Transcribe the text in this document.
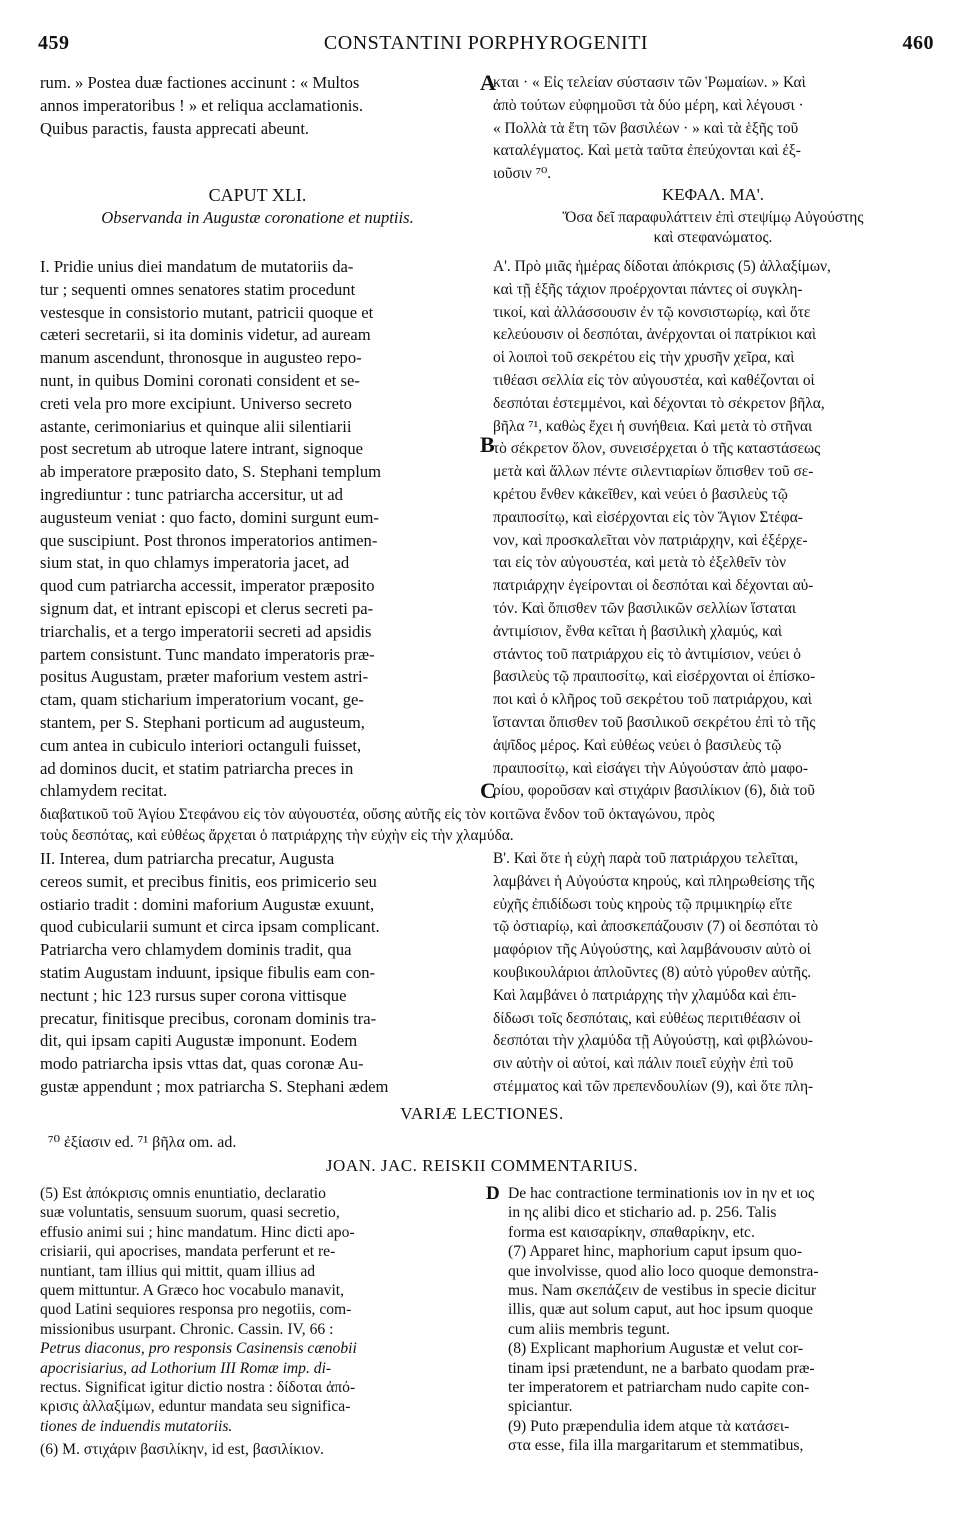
459	CONSTANTINI PORPHYROGENITI	460
rum. » Postea duæ factiones accinunt : « Multos
annos imperatoribus ! » et reliqua acclamationis.
Quibus paractis, fausta apprecati abeunt.
κται · « Εἰς τελείαν σύστασιν τῶν Ῥωμαίων. » Καὶ
ἀπὸ τούτων εὐφημοῦσι τὰ δύο μέρη, καὶ λέγουσι ·
« Πολλὰ τὰ ἔτη τῶν βασιλέων · » καὶ τὰ ἑξῆς τοῦ
καταλέγματος. Καὶ μετὰ ταῦτα ἐπεύχονται καὶ ἐξ-
ιοῦσιν ⁷⁰.
A
CAPUT XLI.
Observanda in Augustæ coronatione et nuptiis.
ΚΕΦΑΛ. ΜΑ'.
Ὅσα δεῖ παραφυλάττειν ἐπὶ στεψίμῳ Αὐγούστης
καὶ στεφανώματος.
I. Pridie unius diei mandatum de mutatoriis da-
tur ; sequenti omnes senatores statim procedunt
vestesque in consistorio mutant, patricii quoque et
cæteri secretarii, si ita dominis videtur, ad auream
manum ascendunt, thronosque in augusteo repo-
nunt, in quibus Domini coronati consident et se-
creti vela pro more excipiunt. Universo secreto
astante, cerimoniarius et quinque alii silentiarii
post secretum ab utroque latere intrant, signoque
ab imperatore præposito dato, S. Stephani templum
ingrediuntur : tunc patriarcha accersitur, ut ad
augusteum veniat : quo facto, domini surgunt eum-
que suscipiunt. Post thronos imperatorios antimen-
sium stat, in quo chlamys imperatoria jacet, ad
quod cum patriarcha accessit, imperator præposito
signum dat, et intrant episcopi et clerus secreti pa-
triarchalis, et a tergo imperatorii secreti ad apsidis
partem consistunt. Tunc mandato imperatoris præ-
positus Augustam, præter maforium vestem astri-
ctam, quam sticharium imperatorium vocant, ge-
stantem, per S. Stephani porticum ad augusteum,
cum antea in cubiculo interiori octanguli fuisset,
ad dominos ducit, et statim patriarcha preces in
chlamydem recitat.
Α'. Πρὸ μιᾶς ἡμέρας δίδοται ἀπόκρισις (5) ἀλλαξίμων,
καὶ τῇ ἑξῆς τάχιον προέρχονται πάντες οἱ συγκλη-
τικοί, καὶ ἀλλάσσουσιν ἐν τῷ κονσιστωρίῳ, καὶ ὅτε
κελεύουσιν οἱ δεσπόται, ἀνέρχονται οἱ πατρίκιοι καὶ
οἱ λοιποὶ τοῦ σεκρέτου εἰς τὴν χρυσῆν χεῖρα, καὶ
τιθέασι σελλία εἰς τὸν αὐγουστέα, καὶ καθέζονται οἱ
δεσπόται ἐστεμμένοι, καὶ δέχονται τὸ σέκρετον βῆλα,
βῆλα ⁷¹, καθὼς ἔχει ἡ συνήθεια. Καὶ μετὰ τὸ στῆναι
τὸ σέκρετον ὅλον, συνεισέρχεται ὁ τῆς καταστάσεως
μετὰ καὶ ἄλλων πέντε σιλεντιαρίων ὄπισθεν τοῦ σε-
κρέτου ἔνθεν κἀκεῖθεν, καὶ νεύει ὁ βασιλεὺς τῷ
πραιποσίτῳ, καὶ εἰσέρχονται εἰς τὸν Ἅγιον Στέφα-
νον, καὶ προσκαλεῖται νὸν πατριάρχην, καὶ ἐξέρχε-
ται εἰς τὸν αὐγουστέα, καὶ μετὰ τὸ ἐξελθεῖν τὸν
πατριάρχην ἐγείρονται οἱ δεσπόται καὶ δέχονται αὐ-
τόν. Καὶ ὄπισθεν τῶν βασιλικῶν σελλίων ἵσταται
ἀντιμίσιον, ἔνθα κεῖται ἡ βασιλικὴ χλαμύς, καὶ
στάντος τοῦ πατριάρχου εἰς τὸ ἀντιμίσιον, νεύει ὁ
βασιλεὺς τῷ πραιποσίτῳ, καὶ εἰσέρχονται οἱ ἐπίσκο-
ποι καὶ ὁ κλῆρος τοῦ σεκρέτου τοῦ πατριάρχου, καὶ
ἵστανται ὄπισθεν τοῦ βασιλικοῦ σεκρέτου ἐπὶ τὸ τῆς
ἀψῖδος μέρος. Καὶ εὐθέως νεύει ὁ βασιλεὺς τῷ
πραιποσίτῳ, καὶ εἰσάγει τὴν Αὐγούσταν ἀπὸ μαφο-
ρίου, φοροῦσαν καὶ στιχάριν βασιλίκιον (6), διὰ τοῦ
B
C
διαβατικοῦ τοῦ Ἁγίου Στεφάνου εἰς τὸν αὐγουστέα, οὔσης αὐτῆς εἰς τὸν κοιτῶνα ἔνδον τοῦ ὀκταγώνου, πρὸς
τοὺς δεσπότας, καὶ εὐθέως ἄρχεται ὁ πατριάρχης τὴν εὐχὴν εἰς τὴν χλαμύδα.
II. Interea, dum patriarcha precatur, Augusta
cereos sumit, et precibus finitis, eos primicerio seu
ostiario tradit : domini maforium Augustæ exuunt,
quod cubicularii sumunt et circa ipsam complicant.
Patriarcha vero chlamydem dominis tradit, qua
statim Augustam induunt, ipsique fibulis eam con-
nectunt ; hic 123 rursus super corona vittisque
precatur, finitisque precibus, coronam dominis tra-
dit, qui ipsam capiti Augustæ imponunt. Eodem
modo patriarcha ipsis vttas dat, quas coronæ Au-
gustæ appendunt ; mox patriarcha S. Stephani ædem
Β'. Καὶ ὅτε ἡ εὐχὴ παρὰ τοῦ πατριάρχου τελεῖται,
λαμβάνει ἡ Αὐγούστα κηρούς, καὶ πληρωθείσης τῆς
εὐχῆς ἐπιδίδωσι τοὺς κηροὺς τῷ πριμικηρίῳ εἴτε
τῷ ὀστιαρίῳ, καὶ ἀποσκεπάζουσιν (7) οἱ δεσπόται τὸ
μαφόριον τῆς Αὐγούστης, καὶ λαμβάνουσιν αὐτὸ οἱ
κουβικουλάριοι ἀπλοῦντες (8) αὐτὸ γύροθεν αὐτῆς.
Καὶ λαμβάνει ὁ πατριάρχης τὴν χλαμύδα καὶ ἐπι-
δίδωσι τοῖς δεσπόταις, καὶ εὐθέως περιτιθέασιν οἱ
δεσπόται τὴν χλαμύδα τῇ Αὐγούστῃ, καὶ φιβλώνου-
σιν αὐτὴν οἱ αὐτοί, καὶ πάλιν ποιεῖ εὐχὴν ἐπὶ τοῦ
στέμματος καὶ τῶν πρεπενδουλίων (9), καὶ ὅτε πλη-
VARIÆ LECTIONES.
⁷⁰ ἐξίασιν ed. ⁷¹ βῆλα om. ad.
JOAN. JAC. REISKII COMMENTARIUS.
(5) Est ἀπόκρισις omnis enuntiatio, declaratio
suæ voluntatis, sensuum suorum, quasi secretio,
effusio animi sui ; hinc mandatum. Hinc dicti apo-
crisiarii, qui apocrises, mandata perferunt et re-
nuntiant, tam illius qui mittit, quam illius ad
quem mittuntur. A Græco hoc vocabulo manavit,
quod Latini sequiores responsa pro negotiis, com-
missionibus usurpant. Chronic. Cassin. IV, 66 :
Petrus diaconus, pro responsis Casinensis cænobii
apocrisiarius, ad Lothorium III Romæ imp. di-
rectus. Significat igitur dictio nostra : δίδοται ἀπό-
κρισις ἀλλαξίμων, eduntur mandata seu significa-
tiones de induendis mutatoriis.
(6) M. στιχάριν βασιλίκην, id est, βασιλίκιον.
D De hac contractione terminationis ιον in ην et ιος
in ης alibi dico et stichario ad. p. 256. Talis
forma est καισαρίκην, σπαθαρίκην, etc.
(7) Apparet hinc, maphorium caput ipsum quo-
que involvisse, quod alio loco quoque demonstra-
mus. Nam σκεπάζειν de vestibus in specie dicitur
illis, quæ aut solum caput, aut hoc ipsum quoque
cum aliis membris tegunt.
(8) Explicant maphorium Augustæ et velut cor-
tinam ipsi prætendunt, ne a barbato quodam præ-
ter imperatorem et patriarcham nudo capite con-
spiciantur.
(9) Puto præpendulia idem atque τὰ κατάσει-
στα esse, fila illa margaritarum et stemmatibus,
